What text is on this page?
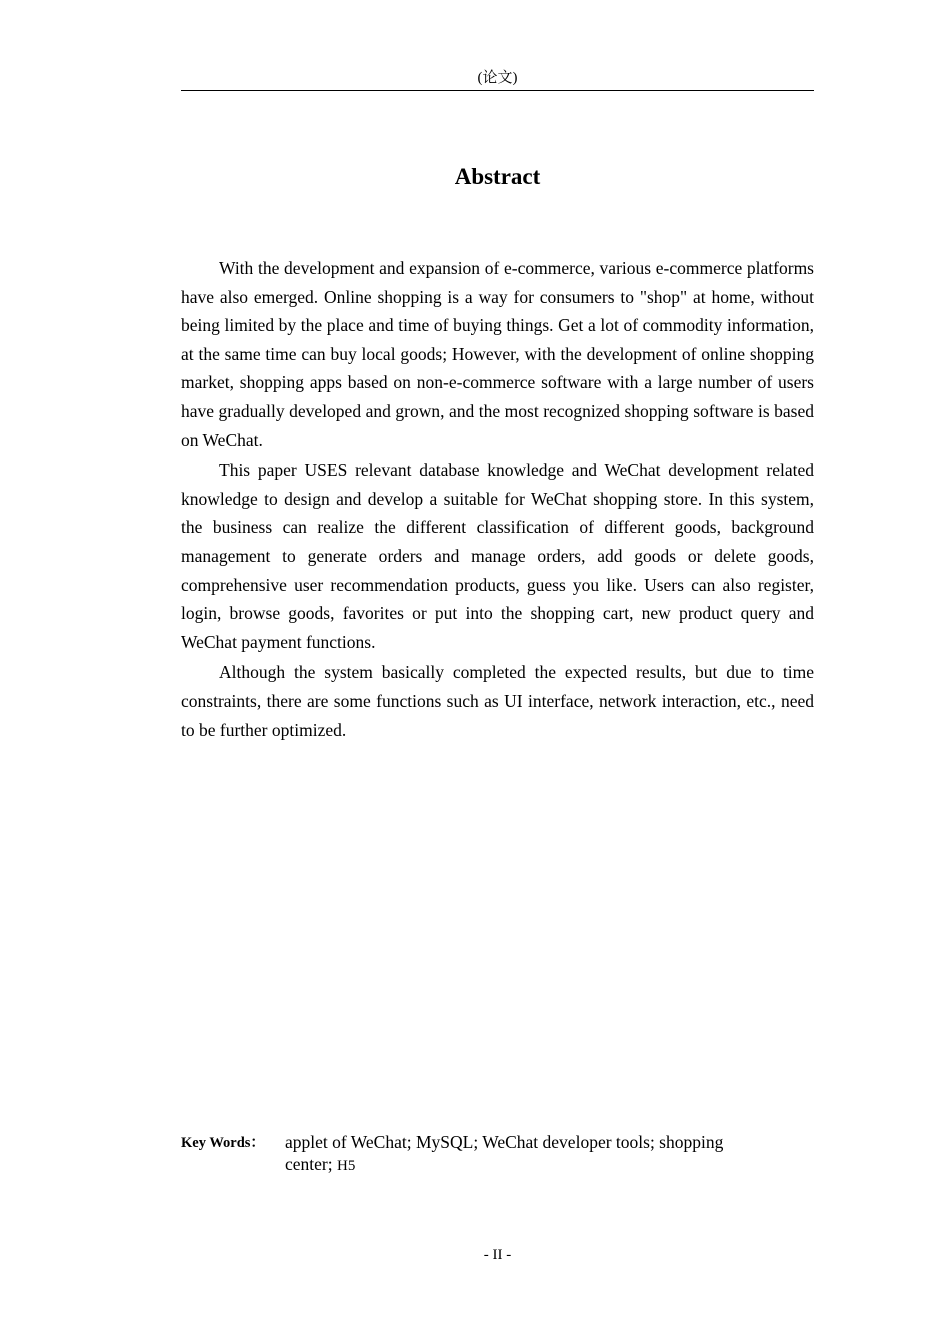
(论文)
Abstract

With the development and expansion of e-commerce, various e-commerce platforms have also emerged. Online shopping is a way for consumers to "shop" at home, without being limited by the place and time of buying things. Get a lot of commodity information, at the same time can buy local goods; However, with the development of online shopping market, shopping apps based on non-e-commerce software with a large number of users have gradually developed and grown, and the most recognized shopping software is based on WeChat.

This paper USES relevant database knowledge and WeChat development related knowledge to design and develop a suitable for WeChat shopping store. In this system, the business can realize the different classification of different goods, background management to generate orders and manage orders, add goods or delete goods, comprehensive user recommendation products, guess you like. Users can also register, login, browse goods, favorites or put into the shopping cart, new product query and WeChat payment functions.

Although the system basically completed the expected results, but due to time constraints, there are some functions such as UI interface, network interaction, etc., need to be further optimized.

Key Words：	applet of WeChat; MySQL; WeChat developer tools; shopping center; H5
- II -
